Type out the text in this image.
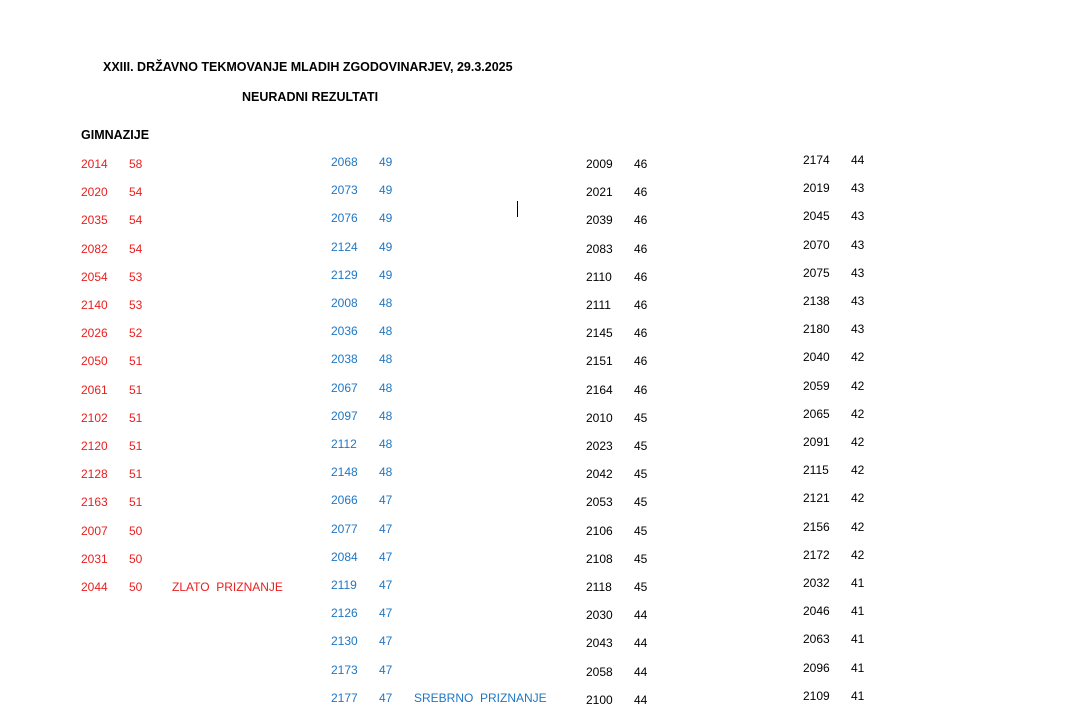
XXIII. DRŽAVNO TEKMOVANJE MLADIH ZGODOVINARJEV, 29.3.2025
NEURADNI REZULTATI
GIMNAZIJE
2014 58
2020 54
2035 54
2082 54
2054 53
2140 53
2026 52
2050 51
2061 51
2102 51
2120 51
2128 51
2163 51
2007 50
2031 50
2044 50 ZLATO  PRIZNANJE
2068 49
2073 49
2076 49
2124 49
2129 49
2008 48
2036 48
2038 48
2067 48
2097 48
2112 48
2148 48
2066 47
2077 47
2084 47
2119 47
2126 47
2130 47
2173 47
2177 47 SREBRNO  PRIZNANJE
2009 46
2021 46
2039 46
2083 46
2110 46
2111 46
2145 46
2151 46
2164 46
2010 45
2023 45
2042 45
2053 45
2106 45
2108 45
2118 45
2030 44
2043 44
2058 44
2100 44
2174 44
2019 43
2045 43
2070 43
2075 43
2138 43
2180 43
2040 42
2059 42
2065 42
2091 42
2115 42
2121 42
2156 42
2172 42
2032 41
2046 41
2063 41
2096 41
2109 41
